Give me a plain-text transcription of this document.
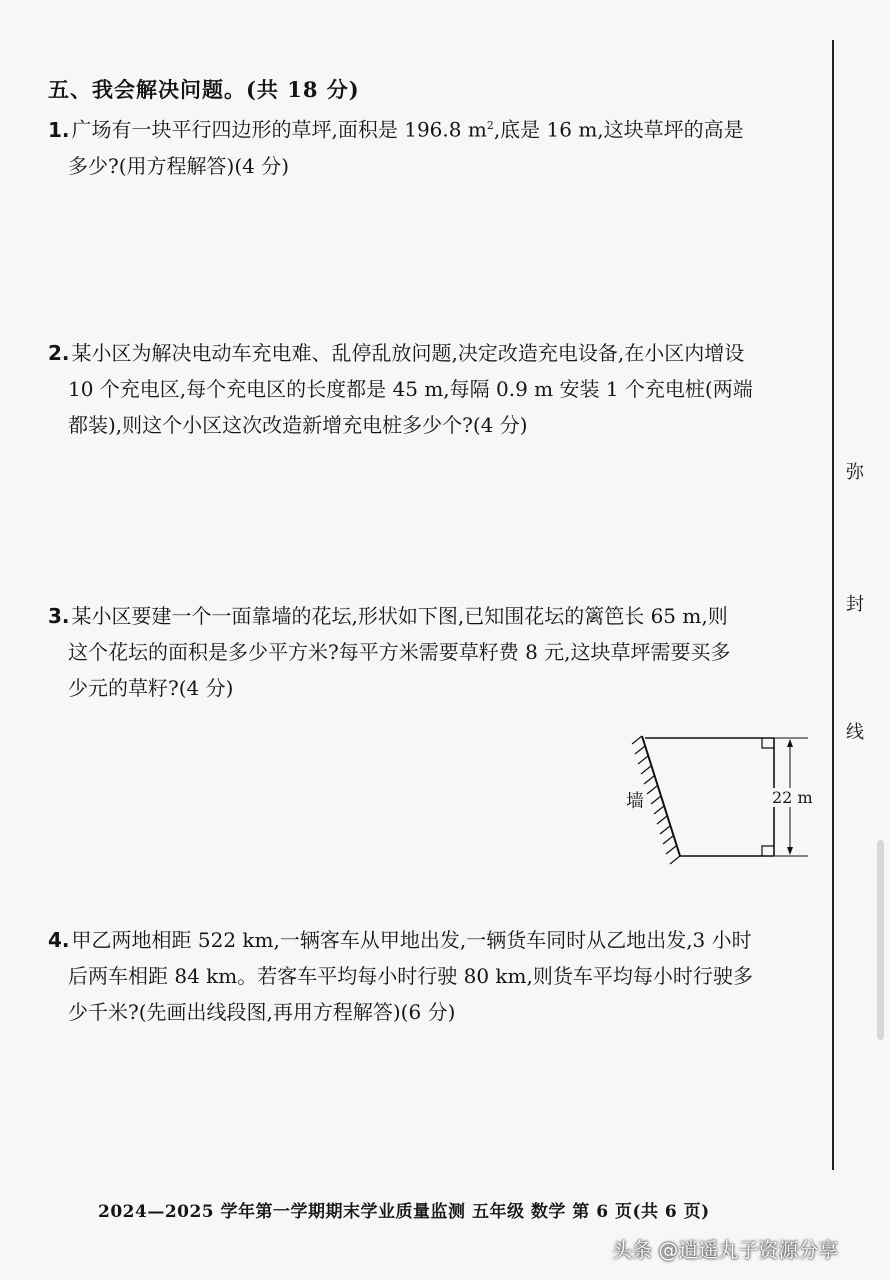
五、我会解决问题。(共 18 分)
1. 广场有一块平行四边形的草坪,面积是 196.8 $m^2$,底是 16 m,这块草坪的高是
多少?(用方程解答)(4 分)
2. 某小区为解决电动车充电难、乱停乱放问题,决定改造充电设备,在小区内增设
10 个充电区,每个充电区的长度都是 45 m,每隔 0.9 m 安装 1 个充电桩(两端
都装),则这个小区这次改造新增充电桩多少个?(4 分)
3. 某小区要建一个一面靠墙的花坛,形状如下图,已知围花坛的篱笆长 65 m,则
这个花坛的面积是多少平方米?每平方米需要草籽费 8 元,这块草坪需要买多
少元的草籽?(4 分)
墙	22 m
4. 甲乙两地相距 522 km,一辆客车从甲地出发,一辆货车同时从乙地出发,3 小时
后两车相距 84 km。若客车平均每小时行驶 80 km,则货车平均每小时行驶多
少千米?(先画出线段图,再用方程解答)(6 分)
弥
封
线
2024—2025 学年第一学期期末学业质量监测 五年级 数学 第 6 页(共 6 页)
头条 @逍遥丸子资源分享
